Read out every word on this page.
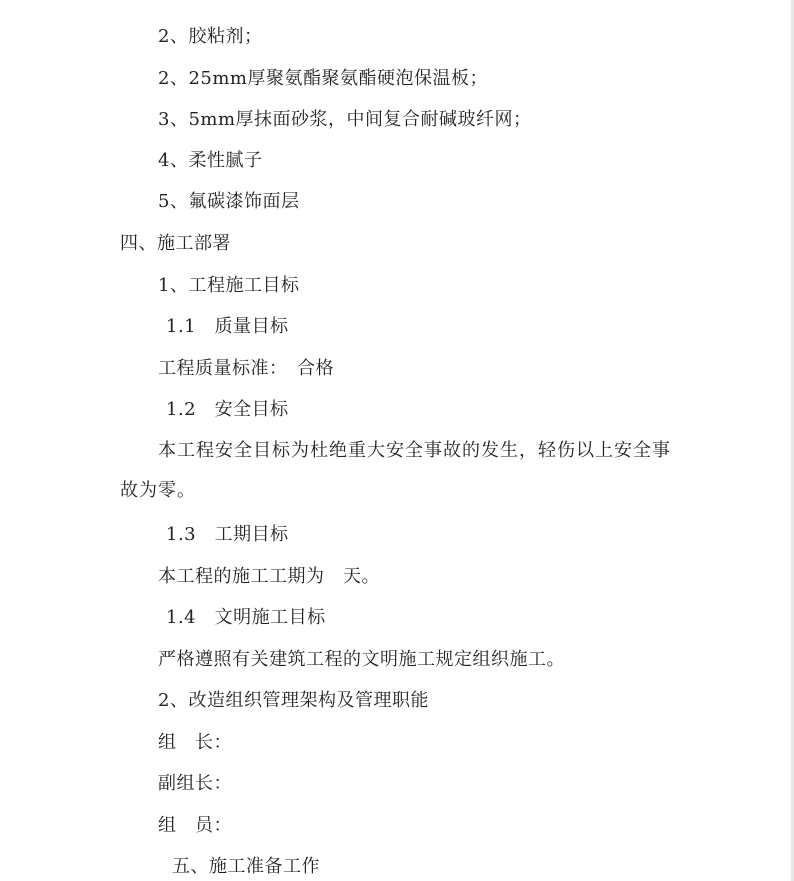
2、胶粘剂；
2、25mm厚聚氨酯聚氨酯硬泡保温板；
3、5mm厚抹面砂浆，中间复合耐碱玻纤网；
4、柔性腻子
5、氟碳漆饰面层
四、施工部署
1、工程施工目标
1.1　质量目标
工程质量标准：　合格
1.2　安全目标
本工程安全目标为杜绝重大安全事故的发生，轻伤以上安全事故为零。
1.3　工期目标
本工程的施工工期为　天。
1.4　文明施工目标
严格遵照有关建筑工程的文明施工规定组织施工。
2、改造组织管理架构及管理职能
组　长：
副组长：
组　员：
五、施工准备工作
